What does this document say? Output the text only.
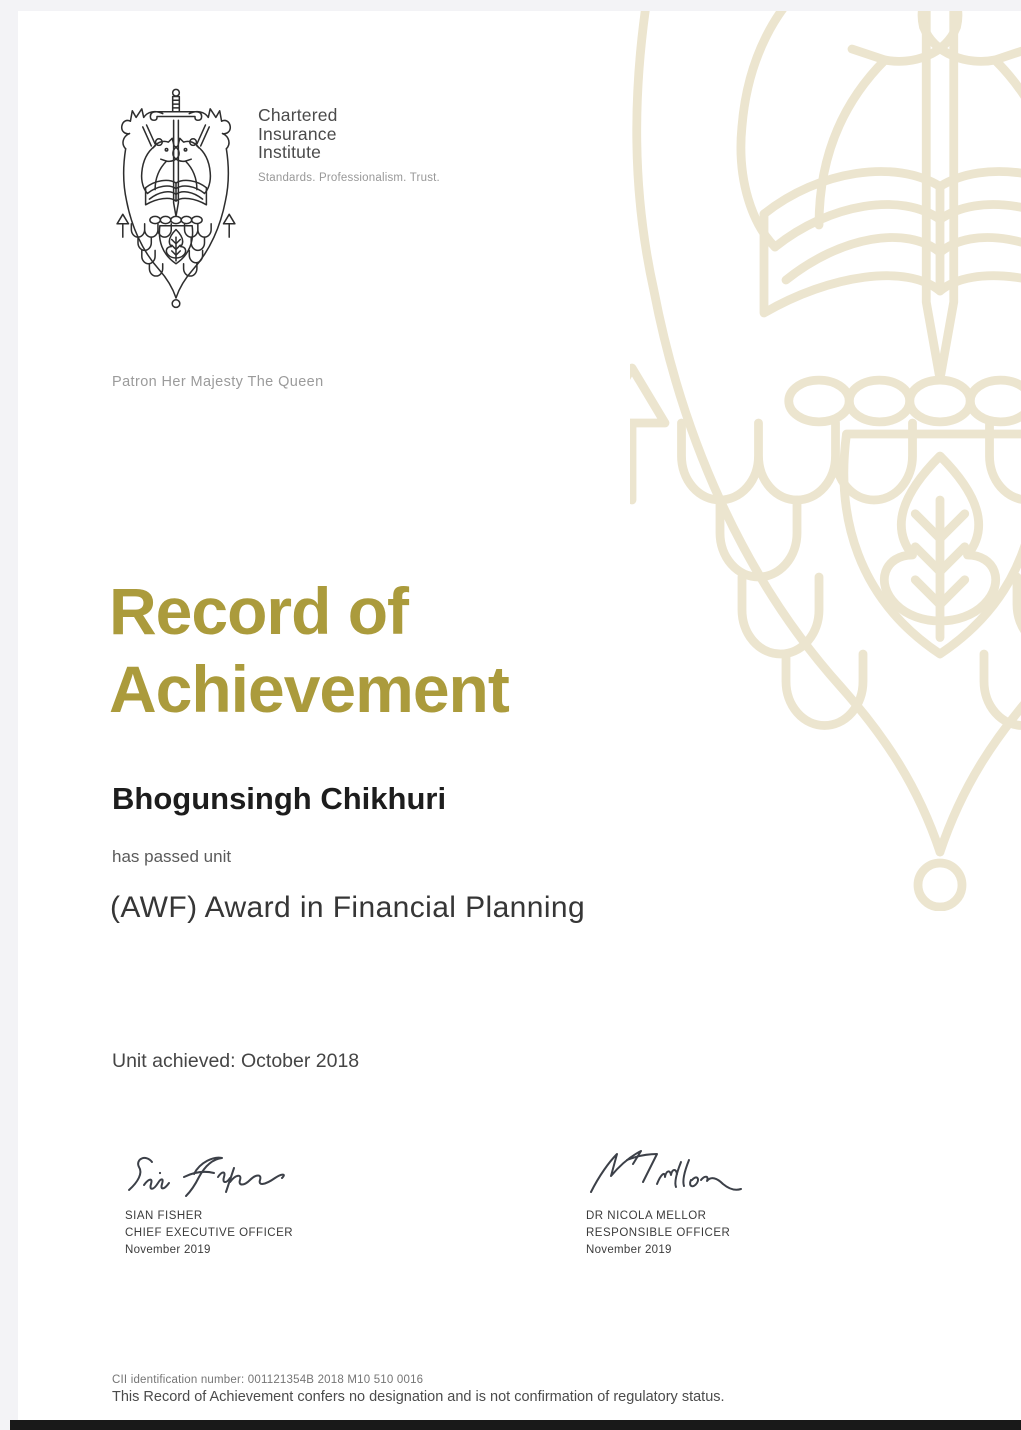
Chartered
Insurance
Institute
Standards. Professionalism. Trust.
Patron Her Majesty The Queen
Record of
Achievement
Bhogunsingh Chikhuri
has passed unit
(AWF) Award in Financial Planning
Unit achieved: October 2018
SIAN FISHER
CHIEF EXECUTIVE OFFICER
November 2019
DR NICOLA MELLOR
RESPONSIBLE OFFICER
November 2019
CII identification number: 001121354B 2018 M10 510 0016
This Record of Achievement confers no designation and is not confirmation of regulatory status.
